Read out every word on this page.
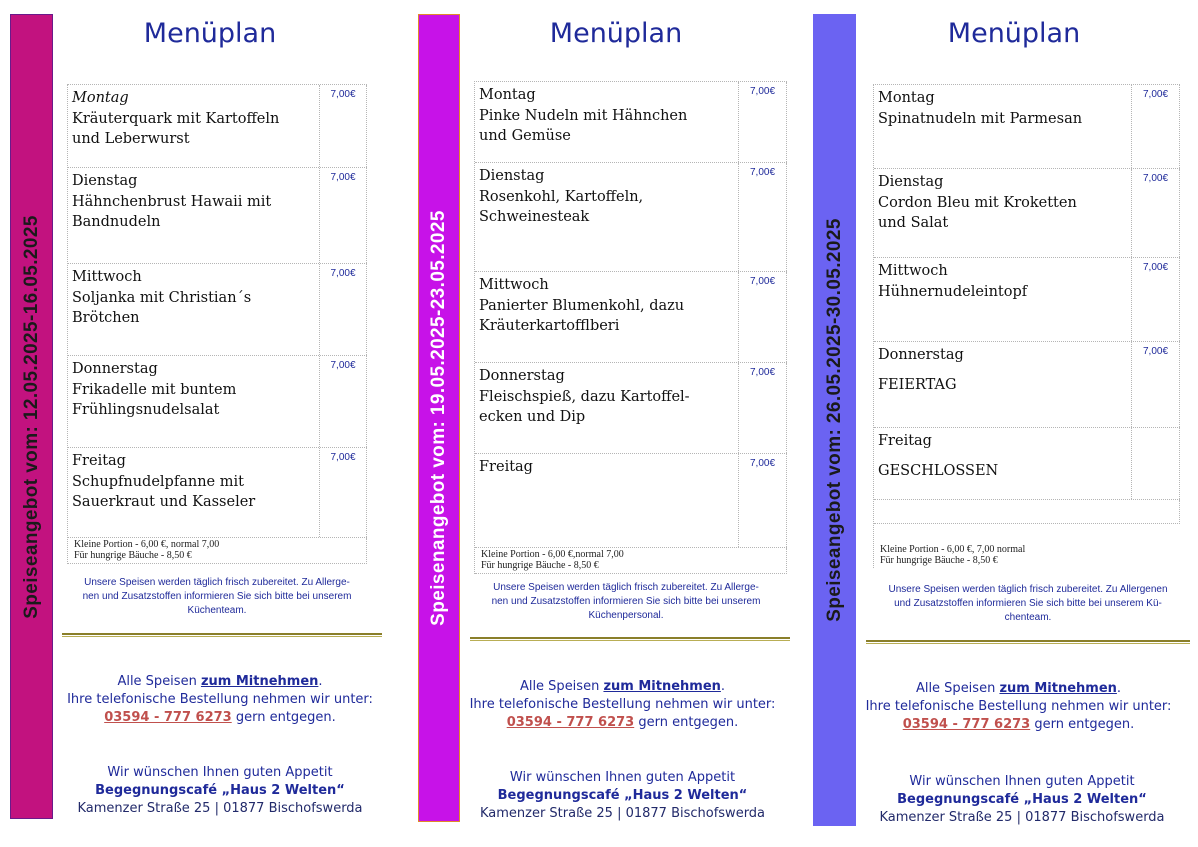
Speiseangebot vom: 12.05.2025-16.05.2025
Menüplan
Montag
Kräuterquark mit Kartoffeln
und Leberwurst
7,00€
Dienstag
Hähnchenbrust Hawaii mit
Bandnudeln
7,00€
Mittwoch
Soljanka mit Christian´s
Brötchen
7,00€
Donnerstag
Frikadelle mit buntem
Frühlingsnudelsalat
7,00€
Freitag
Schupfnudelpfanne mit
Sauerkraut und Kasseler
7,00€
Kleine Portion - 6,00 €, normal 7,00
Für hungrige Bäuche - 8,50 €
Unsere Speisen werden täglich frisch zubereitet. Zu Allerge-
nen und Zusatzstoffen informieren Sie sich bitte bei unserem
Küchenteam.
Alle Speisen zum Mitnehmen.
Ihre telefonische Bestellung nehmen wir unter:
03594 - 777 6273 gern entgegen.
Wir wünschen Ihnen guten Appetit
Begegnungscafé „Haus 2 Welten“
Kamenzer Straße 25 | 01877 Bischofswerda
Speisenangebot vom: 19.05.2025-23.05.2025
Menüplan
Montag
Pinke Nudeln mit Hähnchen
und Gemüse
7,00€
Dienstag
Rosenkohl, Kartoffeln,
Schweinesteak
7,00€
Mittwoch
Panierter Blumenkohl, dazu
Kräuterkartofflberi
7,00€
Donnerstag
Fleischspieß, dazu Kartoffel-
ecken und Dip
7,00€
Freitag	7,00€
Kleine Portion - 6,00 €,normal 7,00
Für hungrige Bäuche - 8,50 €
Unsere Speisen werden täglich frisch zubereitet. Zu Allerge-
nen und Zusatzstoffen informieren Sie sich bitte bei unserem
Küchenpersonal.
Alle Speisen zum Mitnehmen.
Ihre telefonische Bestellung nehmen wir unter:
03594 - 777 6273 gern entgegen.
Wir wünschen Ihnen guten Appetit
Begegnungscafé „Haus 2 Welten“
Kamenzer Straße 25 | 01877 Bischofswerda
Speiseangebot vom: 26.05.2025-30.05.2025
Menüplan
Montag
Spinatnudeln mit Parmesan
7,00€
Dienstag
Cordon Bleu mit Kroketten
und Salat
7,00€
Mittwoch
Hühnernudeleintopf
7,00€
Donnerstag
FEIERTAG
7,00€
Freitag
GESCHLOSSEN
Kleine Portion - 6,00 €, 7,00 normal
Für hungrige Bäuche - 8,50 €
Unsere Speisen werden täglich frisch zubereitet. Zu Allergenen
und Zusatzstoffen informieren Sie sich bitte bei unserem Kü-
chenteam.
Alle Speisen zum Mitnehmen.
Ihre telefonische Bestellung nehmen wir unter:
03594 - 777 6273 gern entgegen.
Wir wünschen Ihnen guten Appetit
Begegnungscafé „Haus 2 Welten“
Kamenzer Straße 25 | 01877 Bischofswerda
